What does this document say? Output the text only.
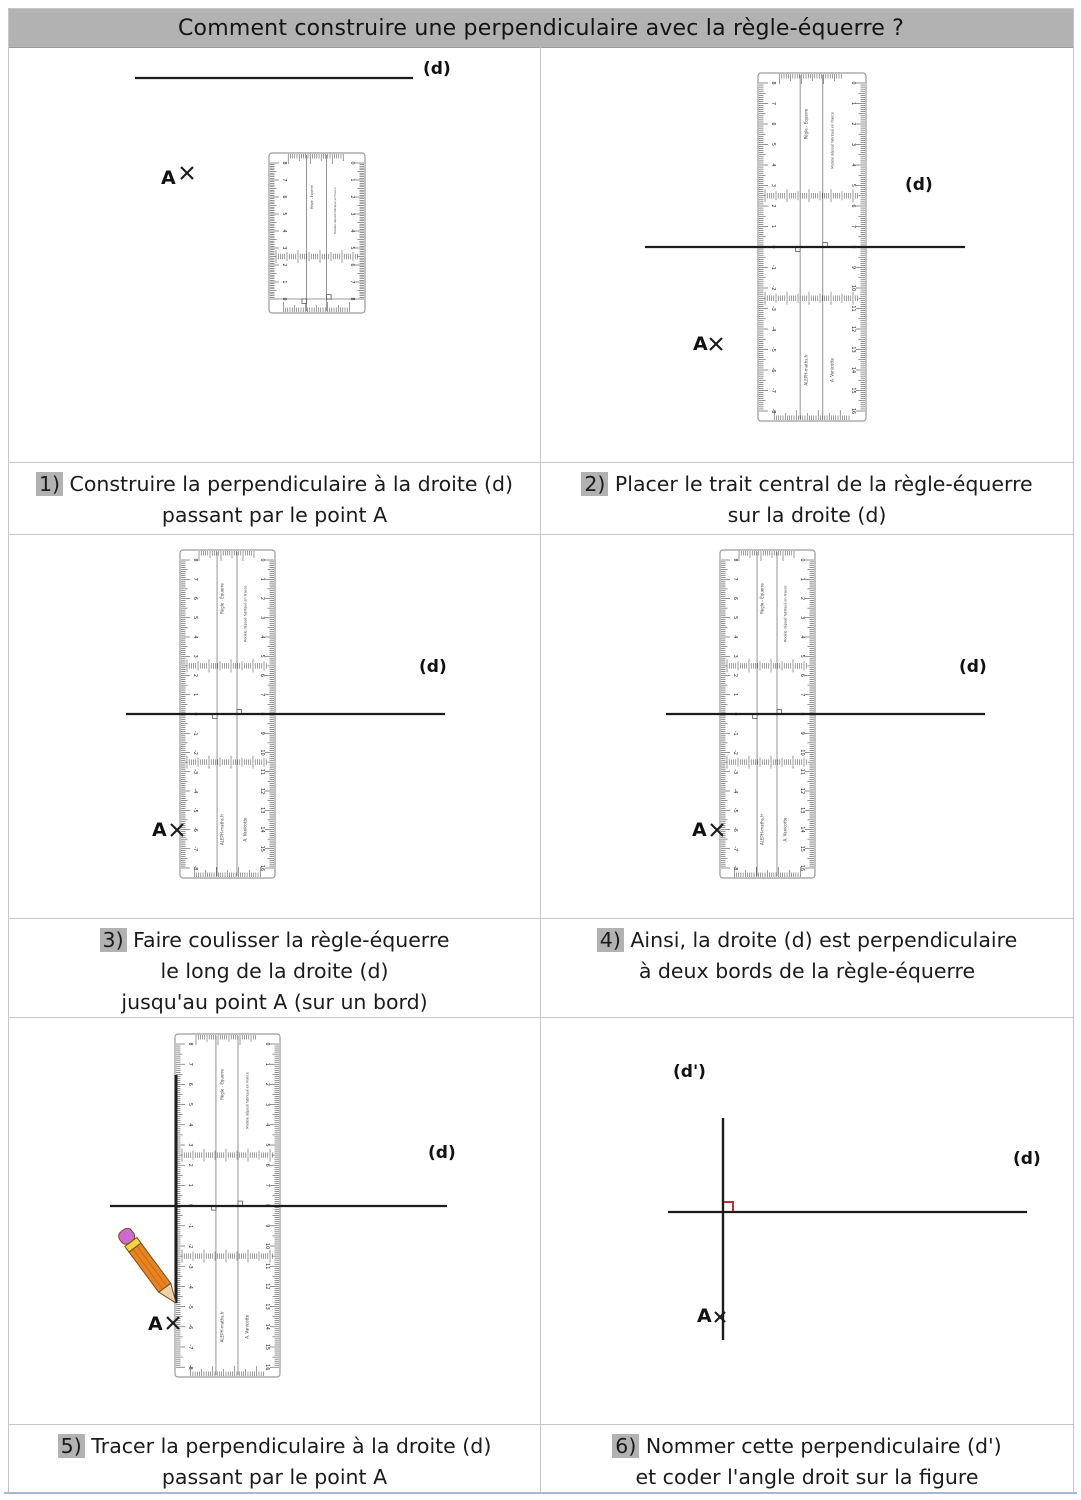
Comment construire une perpendiculaire avec la règle-équerre ?
1) Construire la perpendiculaire à la droite (d)
passant par le point A
2) Placer le trait central de la règle-équerre
sur la droite (d)
3) Faire coulisser la règle-équerre
le long de la droite (d)
jusqu'au point A (sur un bord)
4) Ainsi, la droite (d) est perpendiculaire
à deux bords de la règle-équerre
5) Tracer la perpendiculaire à la droite (d)
passant par le point A
6) Nommer cette perpendiculaire (d')
et coder l'angle droit sur la figure
8	0
7	1
6	2
5	3
4	4
3	5
2	6
1	7
0	8
Règle - Équerre	Modèle déposé fabriqué en France
(d)
A
8	0
7	1
6	2
5	3
4	4
3	5
2	6
1	7
0	8
-1	9
-2	10
-3	11
-4	12
-5	13
-6	14
-7	15
-8	16
Règle - Équerre	Modèle déposé fabriqué en France
ALEPH-maths.fr	A. Vanicotte
(d)
A
8	0
7	1
6	2
5	3
4	4
3	5
2	6
1	7
0	8
-1	9
-2	10
-3	11
-4	12
-5	13
-6	14
-7	15
-8	16
Règle - Équerre	Modèle déposé fabriqué en France
ALEPH-maths.fr	A. Vanicotte
(d)
A
8	0
7	1
6	2
5	3
4	4
3	5
2	6
1	7
0	8
-1	9
-2	10
-3	11
-4	12
-5	13
-6	14
-7	15
-8	16
Règle - Équerre	Modèle déposé fabriqué en France
ALEPH-maths.fr	A. Vanicotte
(d)
A
8	0
7	1
6	2
5	3
4	4
3	5
2	6
1	7
0	8
-1	9
-2	10
-3	11
-4	12
-5	13
-6	14
-7	15
-8	16
Règle - Équerre	Modèle déposé fabriqué en France
ALEPH-maths.fr	A. Vanicotte
(d)
A
(d)
(d')
A
